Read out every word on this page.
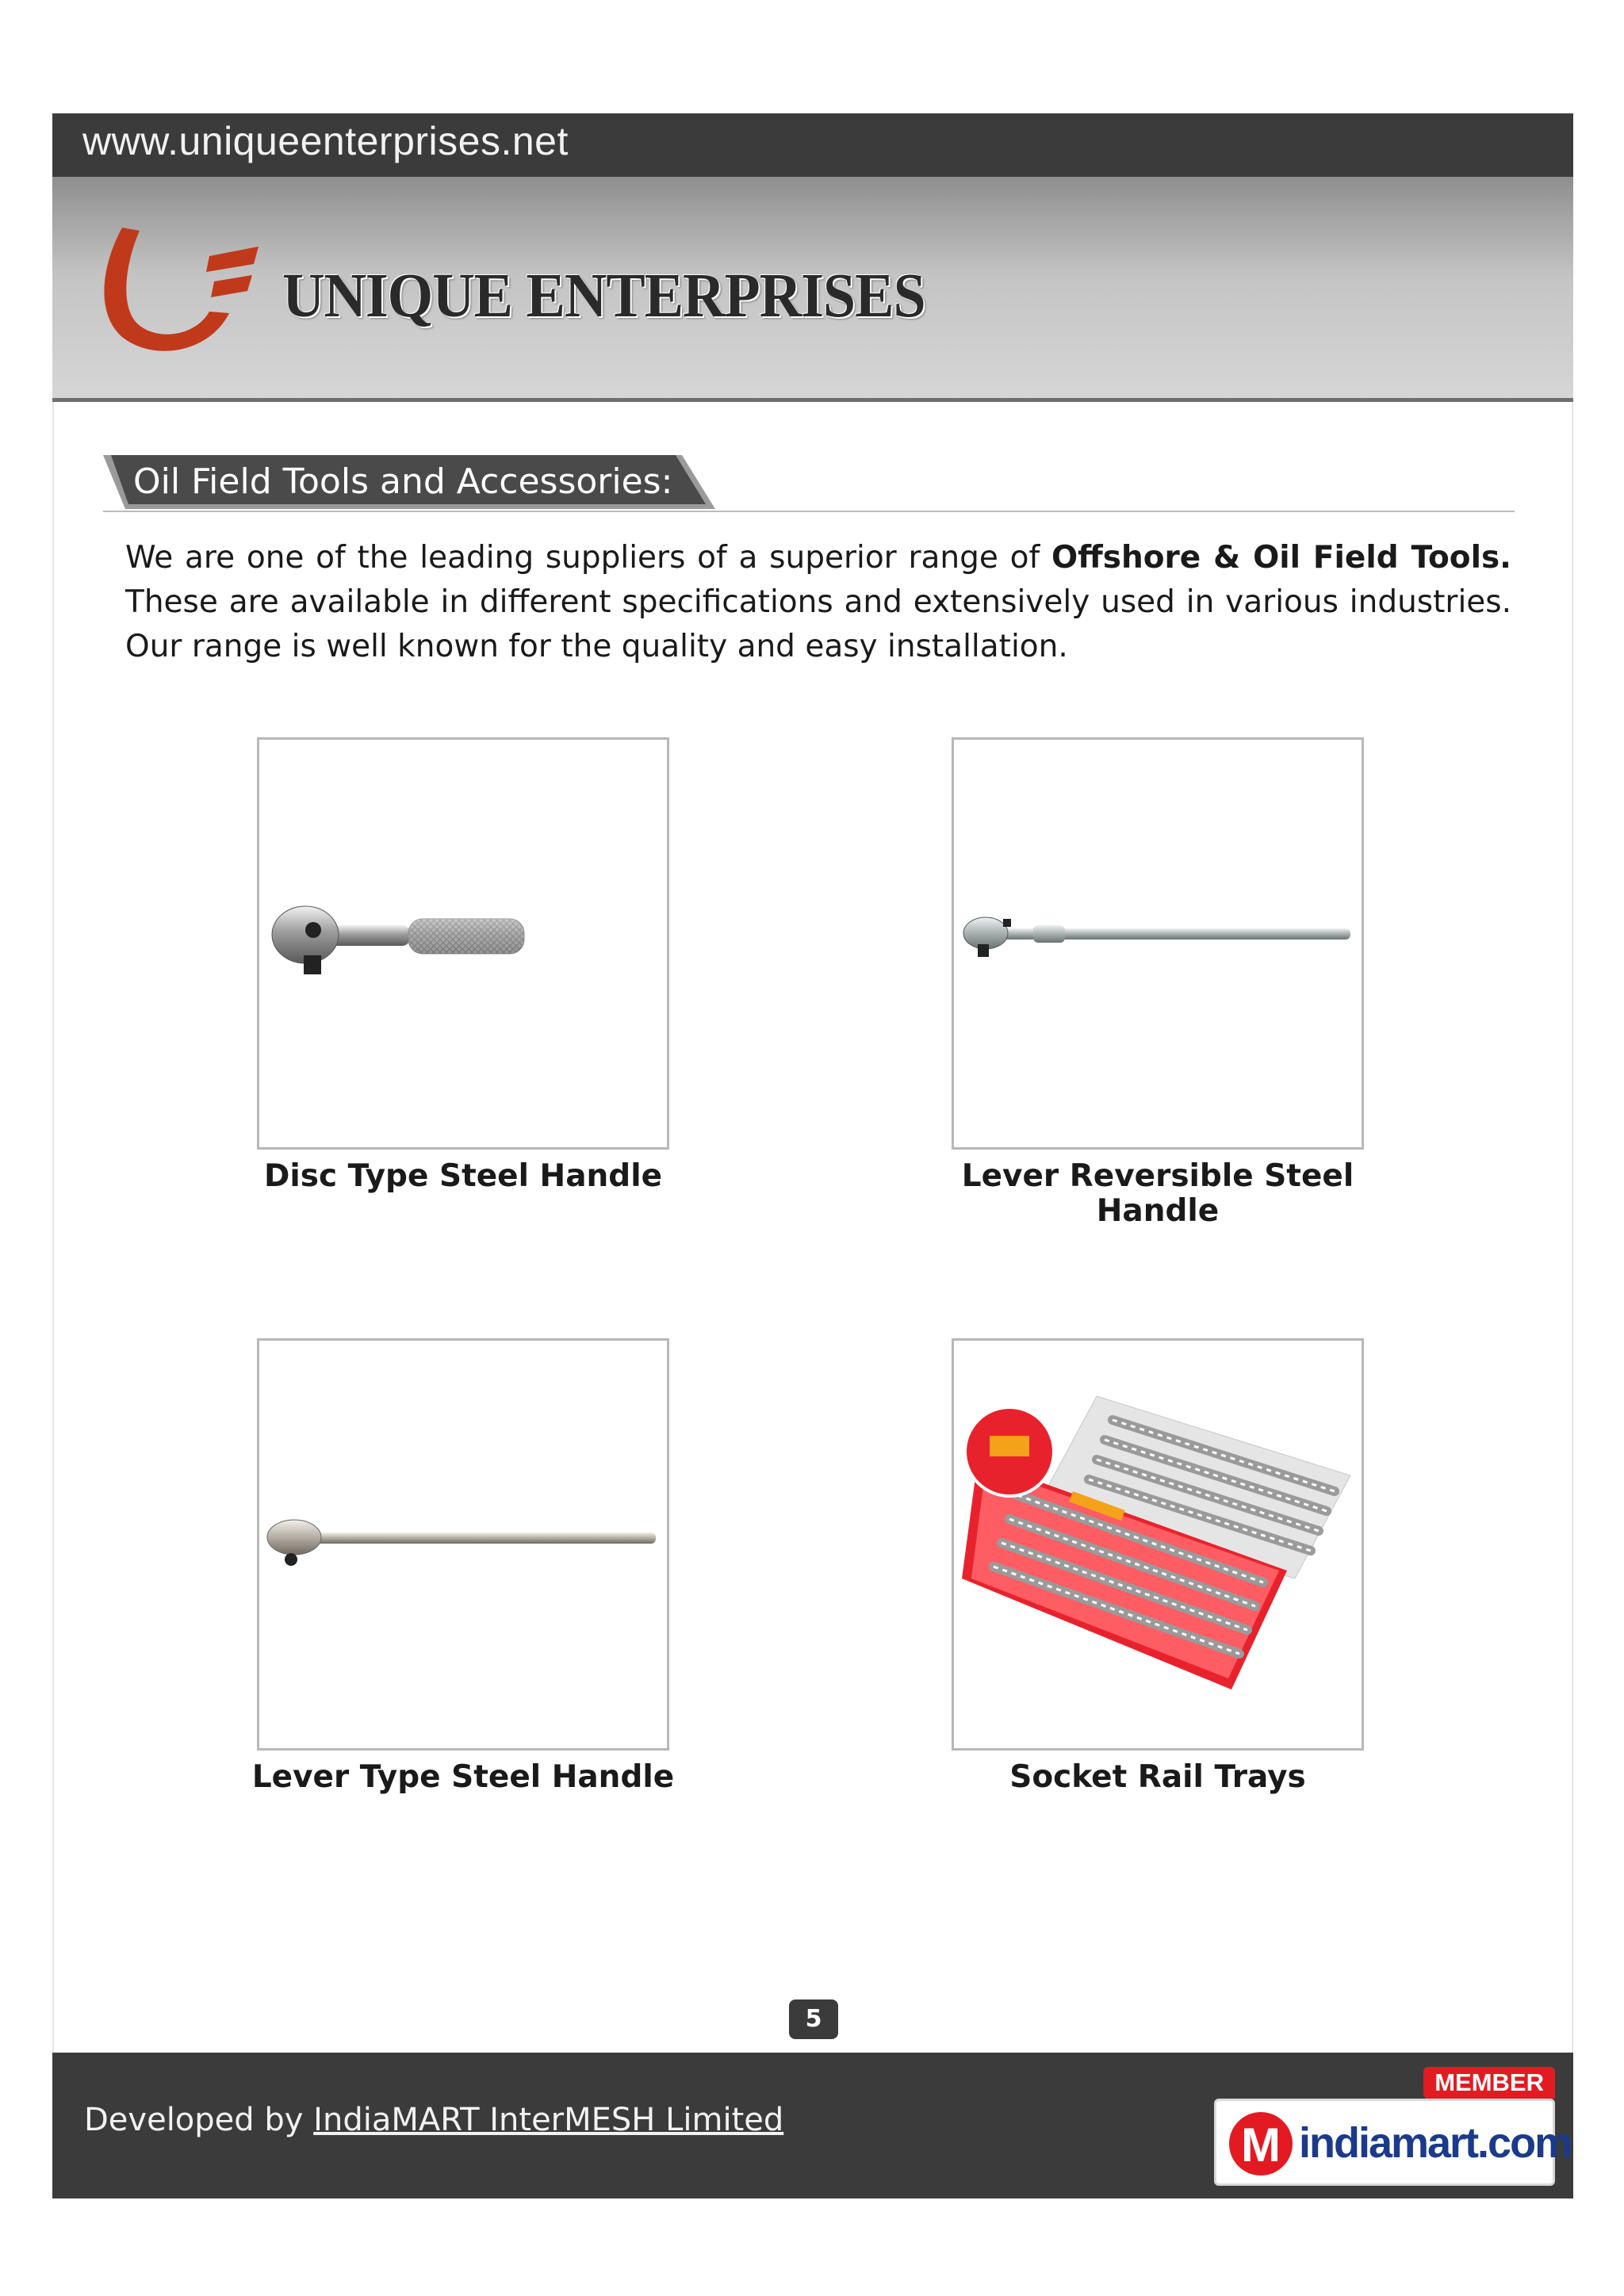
www.uniqueenterprises.net
UNIQUE ENTERPRISES
Oil Field Tools and Accessories:
We are one of the leading suppliers of a superior range of Offshore & Oil Field Tools. These are available in different specifications and extensively used in various industries. Our range is well known for the quality and easy installation.
Disc Type Steel Handle	Lever Reversible Steel Handle
Lever Type Steel Handle	Socket Rail Trays
5
Developed by IndiaMART InterMESH Limited	M indiamart.com
MEMBER
